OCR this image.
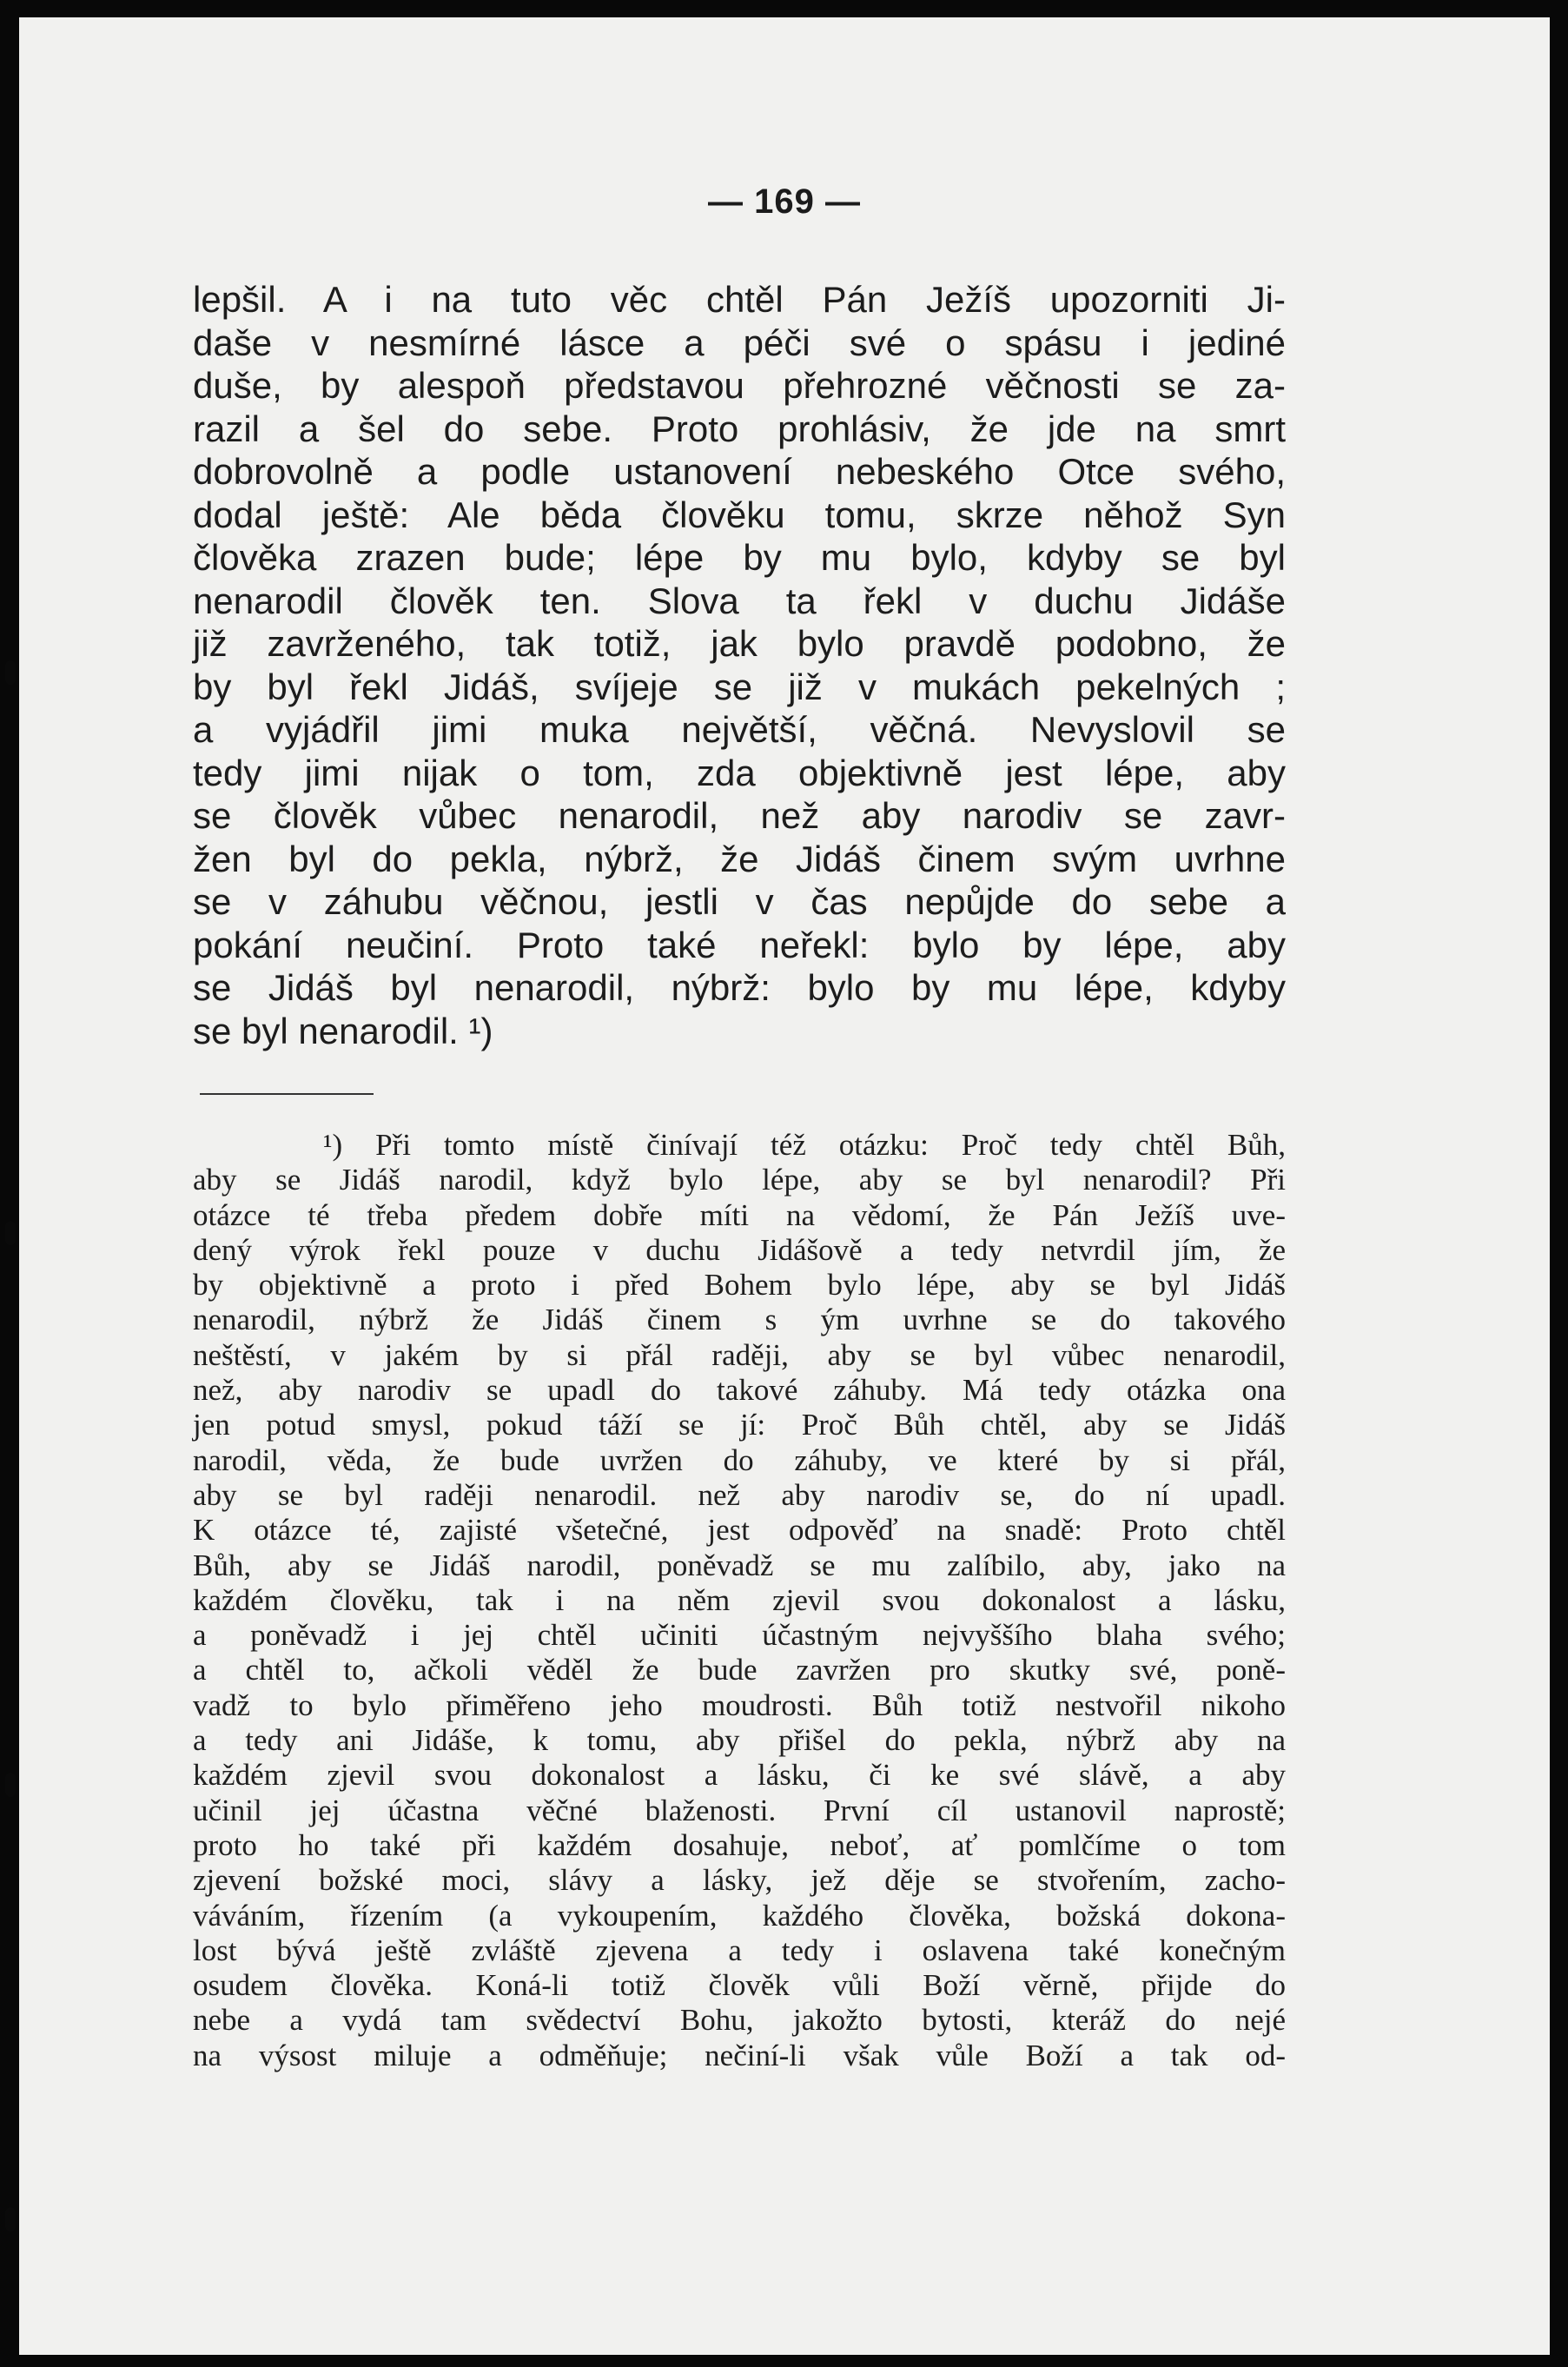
— 169 —
lepšil. A i na tuto věc chtěl Pán Ježíš upozorniti Ji-
daše v nesmírné lásce a péči své o spásu i jediné
duše, by alespoň představou přehrozné věčnosti se za-
razil a šel do sebe. Proto prohlásiv, že jde na smrt
dobrovolně a podle ustanovení nebeského Otce svého,
dodal ještě: Ale běda člověku tomu, skrze něhož Syn
člověka zrazen bude; lépe by mu bylo, kdyby se byl
nenarodil člověk ten. Slova ta řekl v duchu Jidáše
již zavrženého, tak totiž, jak bylo pravdě podobno, že
by byl řekl Jidáš, svíjeje se již v mukách pekelných ;
a vyjádřil jimi muka největší, věčná. Nevyslovil se
tedy jimi nijak o tom, zda objektivně jest lépe, aby
se člověk vůbec nenarodil, než aby narodiv se zavr-
žen byl do pekla, nýbrž, že Jidáš činem svým uvrhne
se v záhubu věčnou, jestli v čas nepůjde do sebe a
pokání neučiní. Proto také neřekl: bylo by lépe, aby
se Jidáš byl nenarodil, nýbrž: bylo by mu lépe, kdyby
se byl nenarodil. ¹)
¹) Při tomto místě činívají též otázku: Proč tedy chtěl Bůh,
aby se Jidáš narodil, když bylo lépe, aby se byl nenarodil? Při
otázce té třeba předem dobře míti na vědomí, že Pán Ježíš uve-
dený výrok řekl pouze v duchu Jidášově a tedy netvrdil jím, že
by objektivně a proto i před Bohem bylo lépe, aby se byl Jidáš
nenarodil, nýbrž že Jidáš činem s ým uvrhne se do takového
neštěstí, v jakém by si přál raději, aby se byl vůbec nenarodil,
než, aby narodiv se upadl do takové záhuby. Má tedy otázka ona
jen potud smysl, pokud táží se jí: Proč Bůh chtěl, aby se Jidáš
narodil, věda, že bude uvržen do záhuby, ve které by si přál,
aby se byl raději nenarodil. než aby narodiv se, do ní upadl.
K otázce té, zajisté všetečné, jest odpověď na snadě: Proto chtěl
Bůh, aby se Jidáš narodil, poněvadž se mu zalíbilo, aby, jako na
každém člověku, tak i na něm zjevil svou dokonalost a lásku,
a poněvadž i jej chtěl učiniti účastným nejvyššího blaha svého;
a chtěl to, ačkoli věděl že bude zavržen pro skutky své, poně-
vadž to bylo přiměřeno jeho moudrosti. Bůh totiž nestvořil nikoho
a tedy ani Jidáše, k tomu, aby přišel do pekla, nýbrž aby na
každém zjevil svou dokonalost a lásku, či ke své slávě, a aby
učinil jej účastna věčné blaženosti. První cíl ustanovil naprostě;
proto ho také při každém dosahuje, neboť, ať pomlčíme o tom
zjevení božské moci, slávy a lásky, jež děje se stvořením, zacho-
váváním, řízením (a vykoupením, každého člověka, božská dokona-
lost bývá ještě zvláště zjevena a tedy i oslavena také konečným
osudem člověka. Koná-li totiž člověk vůli Boží věrně, přijde do
nebe a vydá tam svědectví Bohu, jakožto bytosti, kteráž do nejé
na výsost miluje a odměňuje; nečiní-li však vůle Boží a tak od-
